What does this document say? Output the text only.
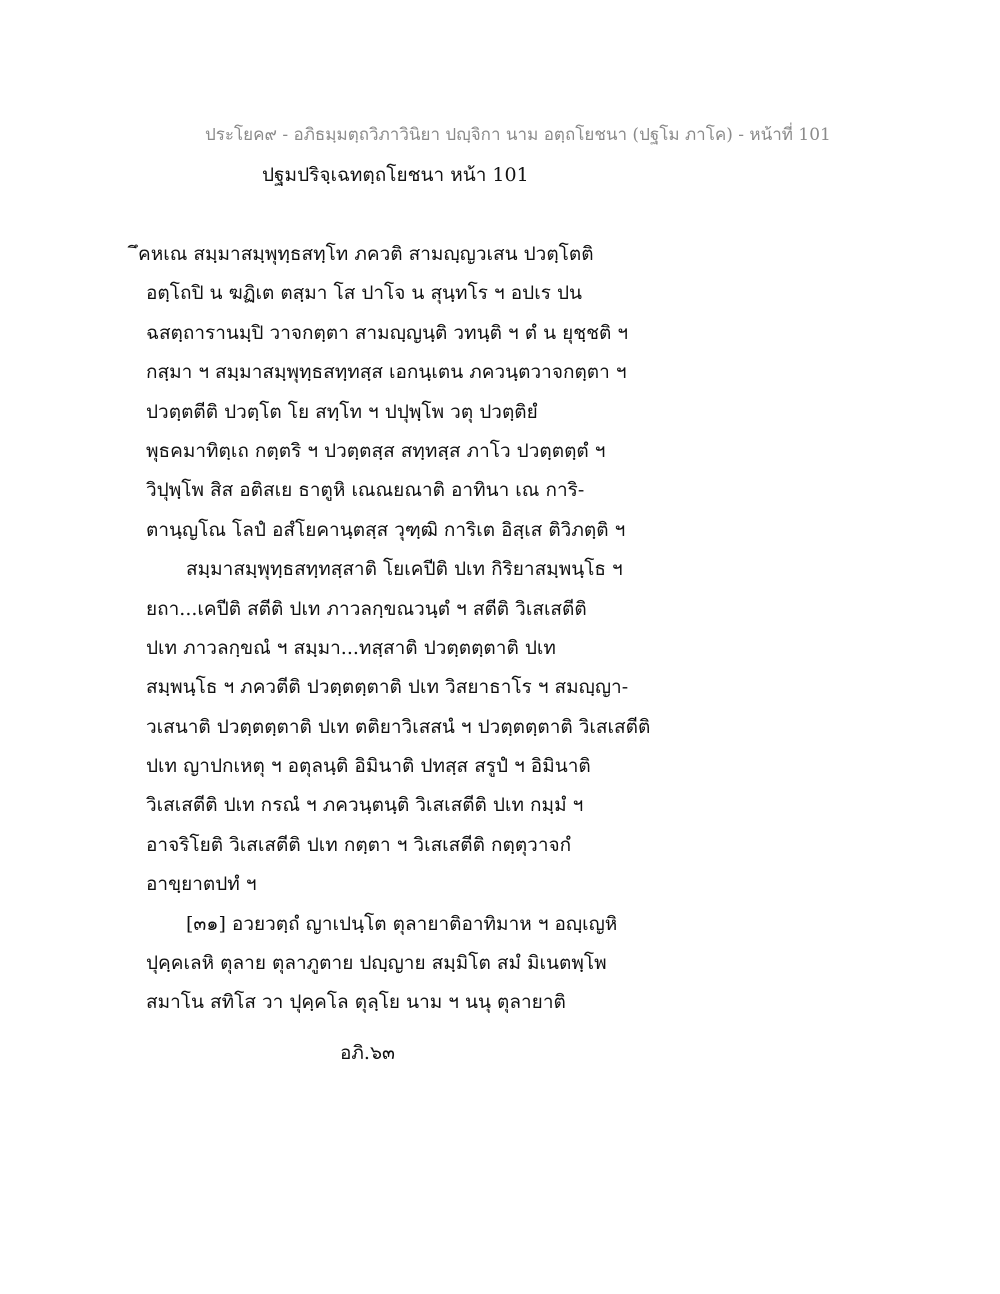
ประโยค๙ - อภิธมฺมตฺถวิภาวินิยา ปญฺจิกา นาม อตฺถโยชนา (ปฐโม ภาโค) - หน้าที่ 101
ปฐมปริจฺเฉทตฺถโยชนา หน้า 101
ึคหเณ สมฺมาสมฺพุทฺธสทฺโท ภควติ สามญฺญวเสน ปวตฺโตติ
อตฺโถปิ น ฆฏิเต ตสฺมา โส ปาโจ น สุนฺทโร ฯ อปเร ปน
ฉสตฺถารานมฺปิ วาจกตฺตา สามญฺญนฺติ วทนฺติ ฯ ตํ น ยุชฺชติ ฯ
กสฺมา ฯ สมฺมาสมฺพุทฺธสทฺทสฺส เอกนฺเตน ภควนฺตวาจกตฺตา ฯ
ปวตฺตตีติ ปวตฺโต โย สทฺโท ฯ ปปุพฺโพ วตุ ปวตฺติยํ
พุธคมาทิตฺเถ กตฺตริ ฯ ปวตฺตสฺส สทฺทสฺส ภาโว ปวตฺตตฺตํ ฯ
วิปุพฺโพ สิส อติสเย ธาตูหิ เณณยณาติ อาทินา เณ การิ-
ตานฺญโณ โลปํ อสํโยคานฺตสฺส วุฑฺฒิ การิเต อิสฺเส ติวิภตฺติ ฯ
สมฺมาสมฺพุทฺธสทฺทสฺสาติ โยเคปีติ ปเท กิริยาสมฺพนฺโธ ฯ
ยถา...เคปีติ สตีติ ปเท ภาวลกฺขณวนฺตํ ฯ สตีติ วิเสเสตีติ
ปเท ภาวลกฺขณํ ฯ สมฺมา...ทสฺสาติ ปวตฺตตฺตาติ ปเท
สมฺพนฺโธ ฯ ภควตีติ ปวตฺตตฺตาติ ปเท วิสยาธาโร ฯ สมญฺญา-
วเสนาติ ปวตฺตตฺตาติ ปเท ตติยาวิเสสนํ ฯ ปวตฺตตฺตาติ วิเสเสตีติ
ปเท ญาปกเหตุ ฯ อตุลนฺติ อิมินาติ ปทสฺส สรูปํ ฯ อิมินาติ
วิเสเสตีติ ปเท กรณํ ฯ ภควนฺตนฺติ วิเสเสตีติ ปเท กมฺมํ ฯ
อาจริโยติ วิเสเสตีติ ปเท กตฺตา ฯ วิเสเสตีติ กตฺตุวาจกํ
อาขฺยาตปทํ ฯ
[๓๑] อวยวตฺถํ ญาเปนฺโต ตุลายาติอาทิมาห ฯ อญฺเญหิ
ปุคฺคเลหิ ตุลาย ตุลาภูตาย ปญฺญาย สมฺมิโต สมํ มิเนตพฺโพ
สมาโน สทิโส วา ปุคฺคโล ตุลฺโย นาม ฯ นนุ ตุลายาติ
อภิ.๖๓
